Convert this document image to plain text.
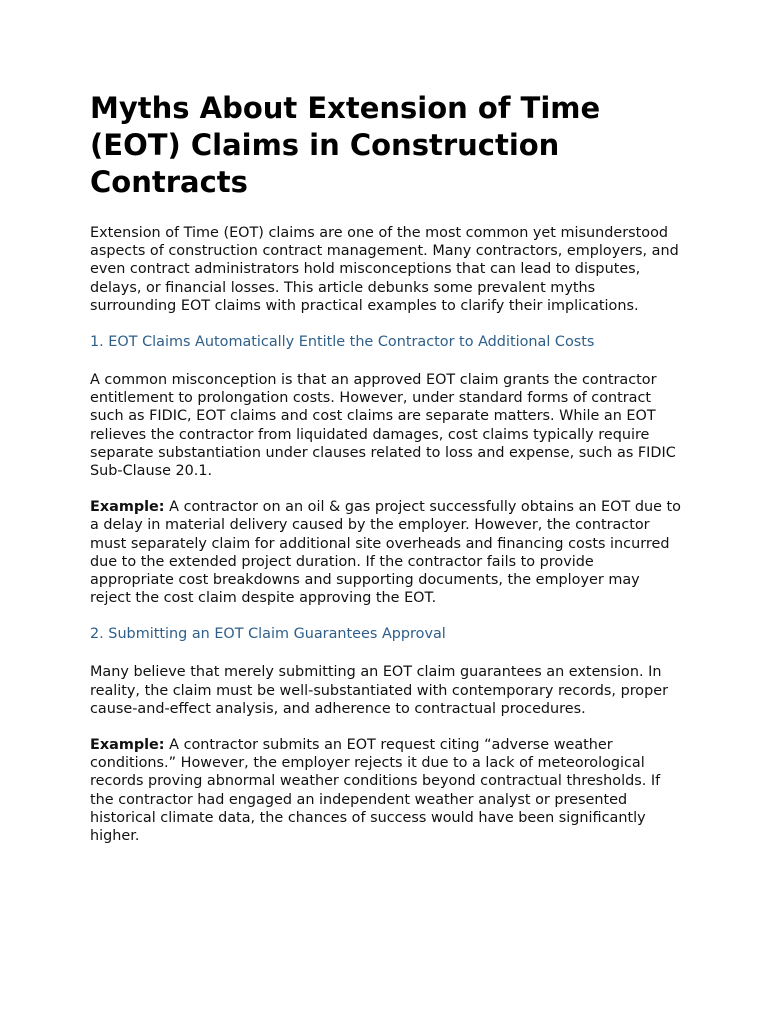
Myths About Extension of Time (EOT) Claims in Construction Contracts

Extension of Time (EOT) claims are one of the most common yet misunderstood aspects of construction contract management. Many contractors, employers, and even contract administrators hold misconceptions that can lead to disputes, delays, or financial losses. This article debunks some prevalent myths surrounding EOT claims with practical examples to clarify their implications.

1. EOT Claims Automatically Entitle the Contractor to Additional Costs

A common misconception is that an approved EOT claim grants the contractor entitlement to prolongation costs. However, under standard forms of contract such as FIDIC, EOT claims and cost claims are separate matters. While an EOT relieves the contractor from liquidated damages, cost claims typically require separate substantiation under clauses related to loss and expense, such as FIDIC Sub-Clause 20.1.

Example: A contractor on an oil & gas project successfully obtains an EOT due to a delay in material delivery caused by the employer. However, the contractor must separately claim for additional site overheads and financing costs incurred due to the extended project duration. If the contractor fails to provide appropriate cost breakdowns and supporting documents, the employer may reject the cost claim despite approving the EOT.

2. Submitting an EOT Claim Guarantees Approval

Many believe that merely submitting an EOT claim guarantees an extension. In reality, the claim must be well-substantiated with contemporary records, proper cause-and-effect analysis, and adherence to contractual procedures.

Example: A contractor submits an EOT request citing “adverse weather conditions.” However, the employer rejects it due to a lack of meteorological records proving abnormal weather conditions beyond contractual thresholds. If the contractor had engaged an independent weather analyst or presented historical climate data, the chances of success would have been significantly higher.
